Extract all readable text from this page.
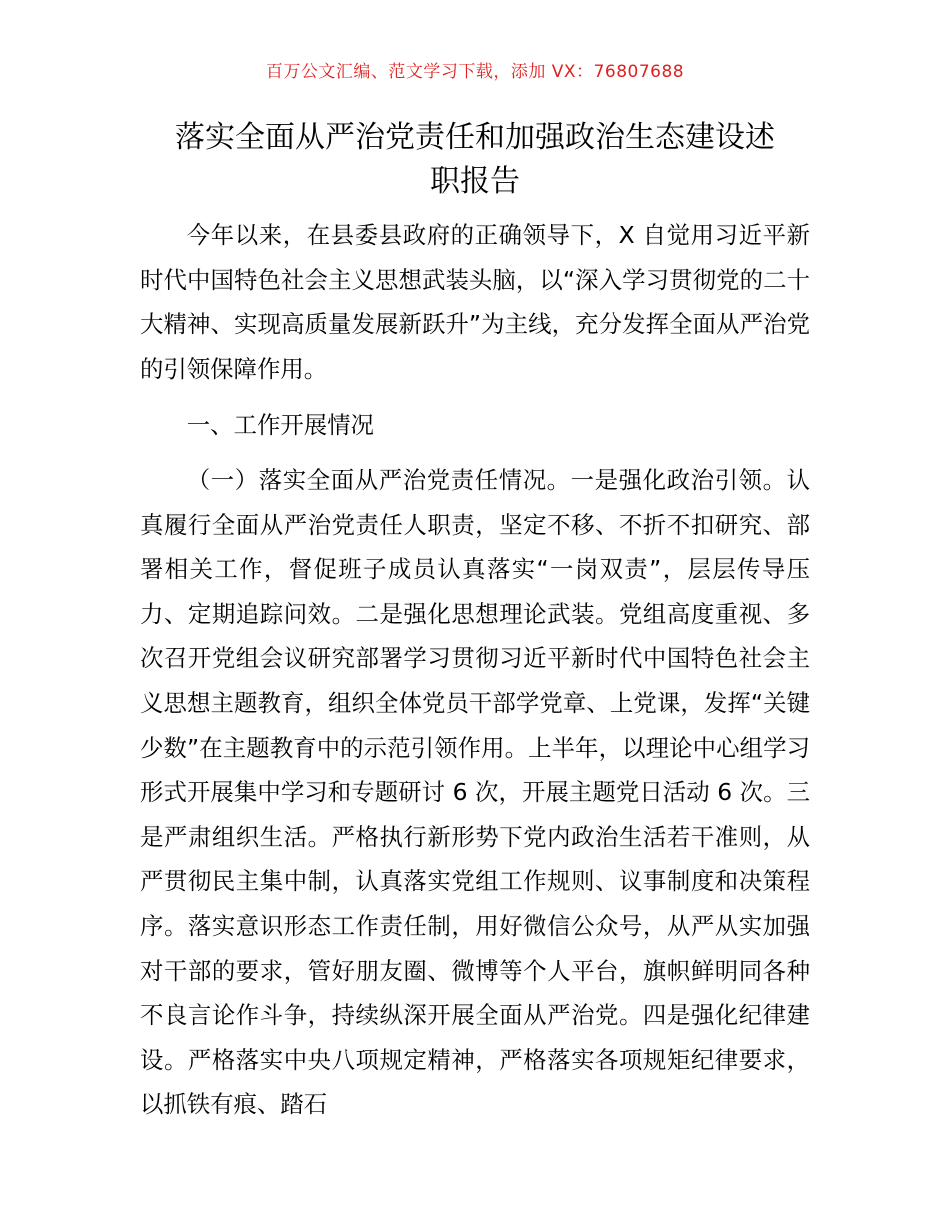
百万公文汇编、范文学习下载，添加 VX：76807688
落实全面从严治党责任和加强政治生态建设述
职报告

今年以来，在县委县政府的正确领导下，X 自觉用习近平新时代中国特色社会主义思想武装头脑，以“深入学习贯彻党的二十大精神、实现高质量发展新跃升”为主线，充分发挥全面从严治党的引领保障作用。

一、工作开展情况

（一）落实全面从严治党责任情况。一是强化政治引领。认真履行全面从严治党责任人职责，坚定不移、不折不扣研究、部署相关工作，督促班子成员认真落实“一岗双责”，层层传导压力、定期追踪问效。二是强化思想理论武装。党组高度重视、多次召开党组会议研究部署学习贯彻习近平新时代中国特色社会主义思想主题教育，组织全体党员干部学党章、上党课，发挥“关键少数”在主题教育中的示范引领作用。上半年，以理论中心组学习形式开展集中学习和专题研讨 6 次，开展主题党日活动 6 次。三是严肃组织生活。严格执行新形势下党内政治生活若干准则，从严贯彻民主集中制，认真落实党组工作规则、议事制度和决策程序。落实意识形态工作责任制，用好微信公众号，从严从实加强对干部的要求，管好朋友圈、微博等个人平台，旗帜鲜明同各种不良言论作斗争，持续纵深开展全面从严治党。四是强化纪律建设。严格落实中央八项规定精神，严格落实各项规矩纪律要求，以抓铁有痕、踏石
